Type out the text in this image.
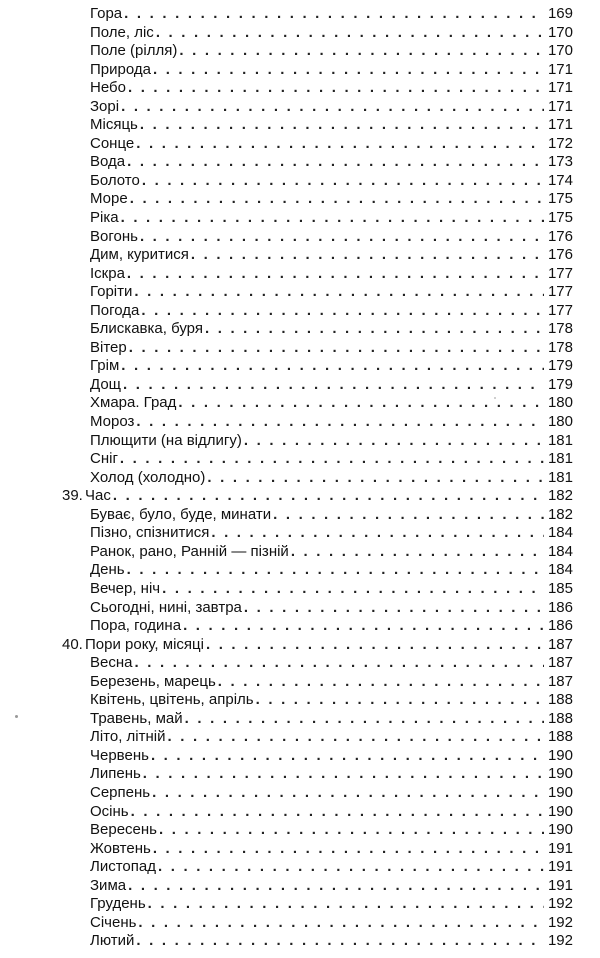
Гора . . .	169
Поле, ліс . . .	170
Поле (рілля) . . .	170
Природа . . .	171
Небо . . .	171
Зорі . . .	171
Місяць . . .	171
Сонце . . .	172
Вода . . .	173
Болото . . .	174
Море . . .	175
Ріка . . .	175
Вогонь . . .	176
Дим, куритися . . .	176
Іскра . . .	177
Горіти . . .	177
Погода . . .	177
Блискавка, буря . . .	178
Вітер . . .	178
Грім . . .	179
Дощ . . .	179
Хмара. Град . . .	180
Мороз . . .	180
Плющити (на відлигу) . . .	181
Сніг . . .	181
Холод (холодно) . . .	181
39. Час . . .	182
Буває, було, буде, минати . . .	182
Пізно, спізнитися . . .	184
Ранок, рано, Ранній — пізній . . .	184
День . . .	184
Вечер, ніч . . .	185
Сьогодні, нині, завтра . . .	186
Пора, година . . .	186
40. Пори року, місяці . . .	187
Весна . . .	187
Березень, марець . . .	187
Квітень, цвітень, апріль . . .	188
Травень, май . . .	188
Літо, літній . . .	188
Червень . . .	190
Липень . . .	190
Серпень . . .	190
Осінь . . .	190
Вересень . . .	190
Жовтень . . .	191
Листопад . . .	191
Зима . . .	191
Грудень . . .	192
Січень . . .	192
Лютий . . .	192
